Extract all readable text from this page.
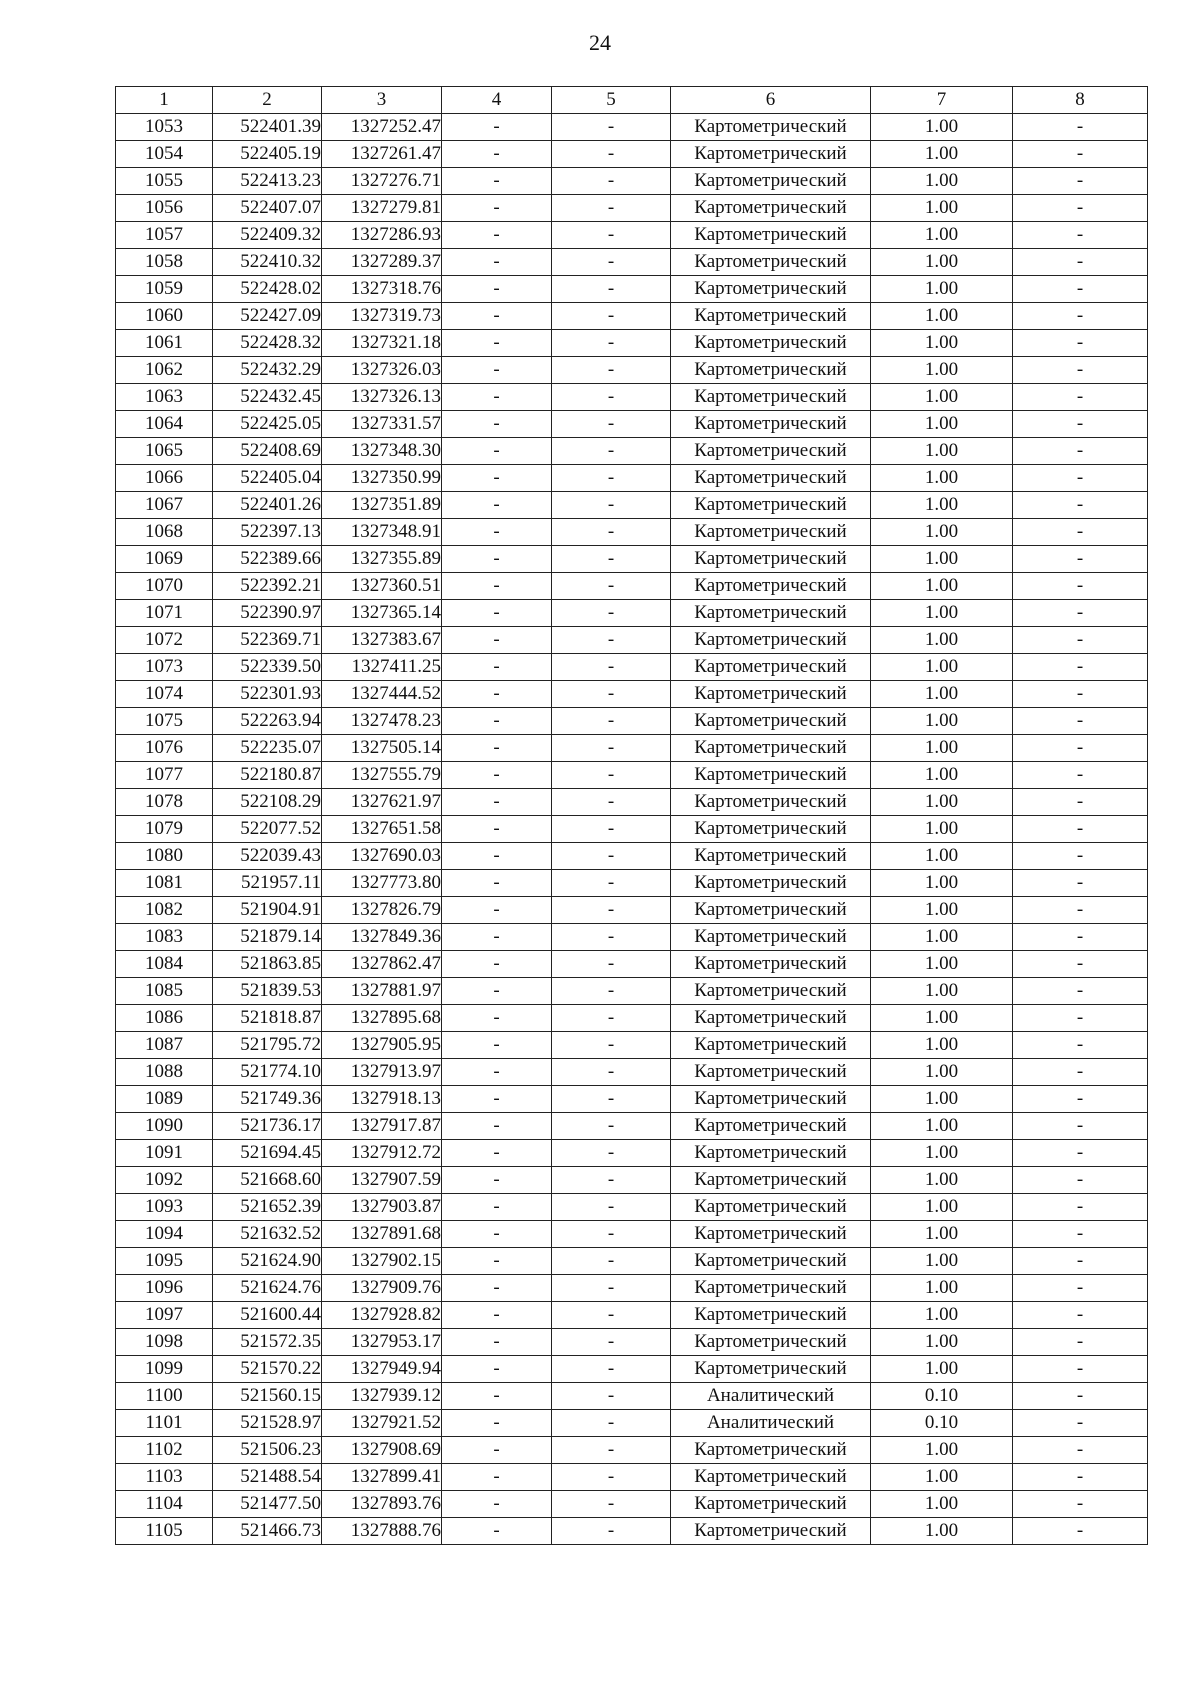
24
1	2	3	4	5	6	7	8
1053	522401.39	1327252.47	-	-	Картометрический	1.00	-
1054	522405.19	1327261.47	-	-	Картометрический	1.00	-
1055	522413.23	1327276.71	-	-	Картометрический	1.00	-
1056	522407.07	1327279.81	-	-	Картометрический	1.00	-
1057	522409.32	1327286.93	-	-	Картометрический	1.00	-
1058	522410.32	1327289.37	-	-	Картометрический	1.00	-
1059	522428.02	1327318.76	-	-	Картометрический	1.00	-
1060	522427.09	1327319.73	-	-	Картометрический	1.00	-
1061	522428.32	1327321.18	-	-	Картометрический	1.00	-
1062	522432.29	1327326.03	-	-	Картометрический	1.00	-
1063	522432.45	1327326.13	-	-	Картометрический	1.00	-
1064	522425.05	1327331.57	-	-	Картометрический	1.00	-
1065	522408.69	1327348.30	-	-	Картометрический	1.00	-
1066	522405.04	1327350.99	-	-	Картометрический	1.00	-
1067	522401.26	1327351.89	-	-	Картометрический	1.00	-
1068	522397.13	1327348.91	-	-	Картометрический	1.00	-
1069	522389.66	1327355.89	-	-	Картометрический	1.00	-
1070	522392.21	1327360.51	-	-	Картометрический	1.00	-
1071	522390.97	1327365.14	-	-	Картометрический	1.00	-
1072	522369.71	1327383.67	-	-	Картометрический	1.00	-
1073	522339.50	1327411.25	-	-	Картометрический	1.00	-
1074	522301.93	1327444.52	-	-	Картометрический	1.00	-
1075	522263.94	1327478.23	-	-	Картометрический	1.00	-
1076	522235.07	1327505.14	-	-	Картометрический	1.00	-
1077	522180.87	1327555.79	-	-	Картометрический	1.00	-
1078	522108.29	1327621.97	-	-	Картометрический	1.00	-
1079	522077.52	1327651.58	-	-	Картометрический	1.00	-
1080	522039.43	1327690.03	-	-	Картометрический	1.00	-
1081	521957.11	1327773.80	-	-	Картометрический	1.00	-
1082	521904.91	1327826.79	-	-	Картометрический	1.00	-
1083	521879.14	1327849.36	-	-	Картометрический	1.00	-
1084	521863.85	1327862.47	-	-	Картометрический	1.00	-
1085	521839.53	1327881.97	-	-	Картометрический	1.00	-
1086	521818.87	1327895.68	-	-	Картометрический	1.00	-
1087	521795.72	1327905.95	-	-	Картометрический	1.00	-
1088	521774.10	1327913.97	-	-	Картометрический	1.00	-
1089	521749.36	1327918.13	-	-	Картометрический	1.00	-
1090	521736.17	1327917.87	-	-	Картометрический	1.00	-
1091	521694.45	1327912.72	-	-	Картометрический	1.00	-
1092	521668.60	1327907.59	-	-	Картометрический	1.00	-
1093	521652.39	1327903.87	-	-	Картометрический	1.00	-
1094	521632.52	1327891.68	-	-	Картометрический	1.00	-
1095	521624.90	1327902.15	-	-	Картометрический	1.00	-
1096	521624.76	1327909.76	-	-	Картометрический	1.00	-
1097	521600.44	1327928.82	-	-	Картометрический	1.00	-
1098	521572.35	1327953.17	-	-	Картометрический	1.00	-
1099	521570.22	1327949.94	-	-	Картометрический	1.00	-
1100	521560.15	1327939.12	-	-	Аналитический	0.10	-
1101	521528.97	1327921.52	-	-	Аналитический	0.10	-
1102	521506.23	1327908.69	-	-	Картометрический	1.00	-
1103	521488.54	1327899.41	-	-	Картометрический	1.00	-
1104	521477.50	1327893.76	-	-	Картометрический	1.00	-
1105	521466.73	1327888.76	-	-	Картометрический	1.00	-
